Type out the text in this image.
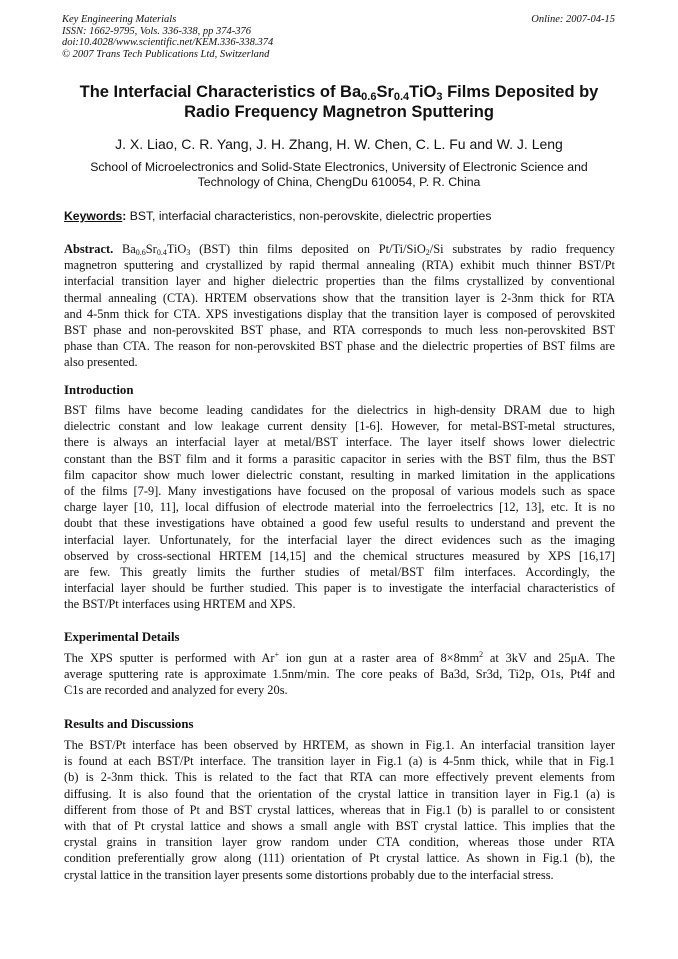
Key Engineering Materials
ISSN: 1662-9795, Vols. 336-338, pp 374-376
doi:10.4028/www.scientific.net/KEM.336-338.374
© 2007 Trans Tech Publications Ltd, Switzerland
Online: 2007-04-15
The Interfacial Characteristics of $Ba_{0.6}Sr_{0.4}TiO_3$ Films Deposited by
Radio Frequency Magnetron Sputtering
J. X. Liao, C. R. Yang, J. H. Zhang, H. W. Chen, C. L. Fu and W. J. Leng
School of Microelectronics and Solid-State Electronics, University of Electronic Science and
Technology of China, ChengDu 610054, P. R. China
Keywords: BST, interfacial characteristics, non-perovskite, dielectric properties
Abstract. $Ba_{0.6}Sr_{0.4}TiO_3$ (BST) thin films deposited on Pt/Ti/SiO$_2$/Si substrates by radio frequency
magnetron sputtering and crystallized by rapid thermal annealing (RTA) exhibit much thinner BST/Pt
interfacial transition layer and higher dielectric properties than the films crystallized by conventional
thermal annealing (CTA). HRTEM observations show that the transition layer is 2-3nm thick for RTA
and 4-5nm thick for CTA. XPS investigations display that the transition layer is composed of perovskited
BST phase and non-perovskited BST phase, and RTA corresponds to much less non-perovskited BST
phase than CTA. The reason for non-perovskited BST phase and the dielectric properties of BST films are
also presented.
Introduction
BST films have become leading candidates for the dielectrics in high-density DRAM due to high
dielectric constant and low leakage current density [1-6]. However, for metal-BST-metal structures,
there is always an interfacial layer at metal/BST interface. The layer itself shows lower dielectric
constant than the BST film and it forms a parasitic capacitor in series with the BST film, thus the BST
film capacitor show much lower dielectric constant, resulting in marked limitation in the applications
of the films [7-9]. Many investigations have focused on the proposal of various models such as space
charge layer [10, 11], local diffusion of electrode material into the ferroelectrics [12, 13], etc. It is no
doubt that these investigations have obtained a good few useful results to understand and prevent the
interfacial layer. Unfortunately, for the interfacial layer the direct evidences such as the imaging
observed by cross-sectional HRTEM [14,15] and the chemical structures measured by XPS [16,17]
are few. This greatly limits the further studies of metal/BST film interfaces. Accordingly, the
interfacial layer should be further studied. This paper is to investigate the interfacial characteristics of
the BST/Pt interfaces using HRTEM and XPS.
Experimental Details
The XPS sputter is performed with Ar+ ion gun at a raster area of $8\times 8mm^2$ at 3kV and 25μA. The
average sputtering rate is approximate 1.5nm/min. The core peaks of Ba3d, Sr3d, Ti2p, O1s, Pt4f and
C1s are recorded and analyzed for every 20s.
Results and Discussions
The BST/Pt interface has been observed by HRTEM, as shown in Fig.1. An interfacial transition layer
is found at each BST/Pt interface. The transition layer in Fig.1 (a) is 4-5nm thick, while that in Fig.1
(b) is 2-3nm thick. This is related to the fact that RTA can more effectively prevent elements from
diffusing. It is also found that the orientation of the crystal lattice in transition layer in Fig.1 (a) is
different from those of Pt and BST crystal lattices, whereas that in Fig.1 (b) is parallel to or consistent
with that of Pt crystal lattice and shows a small angle with BST crystal lattice. This implies that the
crystal grains in transition layer grow random under CTA condition, whereas those under RTA
condition preferentially grow along (111) orientation of Pt crystal lattice. As shown in Fig.1 (b), the
crystal lattice in the transition layer presents some distortions probably due to the interfacial stress.
